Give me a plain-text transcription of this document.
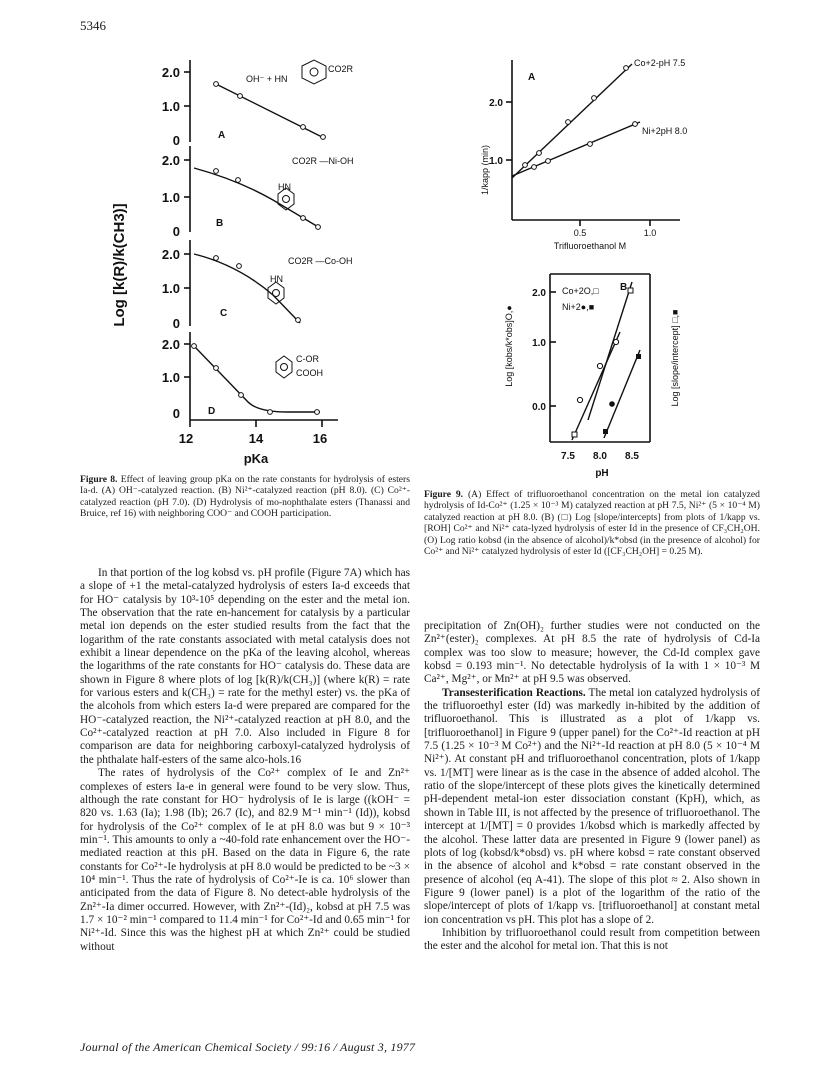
5346
Log [k(R)/k(CH3)]
2.0
1.0
0	A
OH⁻ + HN
CO2R
2.0
1.0
0
B
HN
CO2R —Ni-OH
2.0
1.0
0
C
HN
CO2R —Co-OH
2.0
1.0
0	D
C-OR
COOH
12	14	16
pKa
Figure 8. Effect of leaving group pKa on the rate constants for hydrolysis of esters Ia-d. (A) OH⁻-catalyzed reaction. (B) Ni²⁺-catalyzed reaction (pH 8.0). (C) Co²⁺-catalyzed reaction (pH 7.0). (D) Hydrolysis of mo-nophthalate esters (Thanassi and Bruice, ref 16) with neighboring COO⁻ and COOH participation.
1/kapp (min)
A
2.0
1.0
0.5	1.0
Trifluoroethanol M
Co+2-pH 7.5
Ni+2pH 8.0
Log [kobs/k*obs]O,●	Log [slope/intercept] □,■
2.0
1.0
0.0
7.5 8.0 8.5
pH
B
Co+2O,□
Ni+2●,■
Figure 9. (A) Effect of trifluoroethanol concentration on the metal ion catalyzed hydrolysis of Id-Co²⁺ (1.25 × 10⁻³ M) catalyzed reaction at pH 7.5, Ni²⁺ (5 × 10⁻⁴ M) catalyzed reaction at pH 8.0. (B) (□) Log [slope/intercepts] from plots of 1/kapp vs. [ROH] Co²⁺ and Ni²⁺ cata-lyzed hydrolysis of ester Id in the presence of CF₃CH₂OH. (O) Log ratio kobsd (in the absence of alcohol)/k*obsd (in the presence of alcohol) for Co²⁺ and Ni²⁺ catalyzed hydrolysis of ester Id ([CF₃CH₂OH] = 0.25 M).

In that portion of the log kobsd vs. pH profile (Figure 7A) which has a slope of +1 the metal-catalyzed hydrolysis of esters Ia-d exceeds that for HO⁻ catalysis by 10³-10⁵ depending on the ester and the metal ion. The observation that the rate en-hancement for catalysis by a particular metal ion depends on the ester studied results from the fact that the logarithm of the rate constants associated with metal catalysis does not exhibit a linear dependence on the pKa of the leaving alcohol, whereas the logarithms of the rate constants for HO⁻ catalysis do. These data are shown in Figure 8 where plots of log [k(R)/k(CH₃)] (where k(R) = rate for various esters and k(CH₃) = rate for the methyl ester) vs. the pKa of the alcohols from which esters Ia-d were prepared are compared for the HO⁻-catalyzed reaction, the Ni²⁺-catalyzed reaction at pH 8.0, and the Co²⁺-catalyzed reaction at pH 7.0. Also included in Figure 8 for comparison are data for neighboring carboxyl-catalyzed hydrolysis of the phthalate half-esters of the same alco-hols.16

The rates of hydrolysis of the Co²⁺ complex of Ie and Zn²⁺ complexes of esters Ia-e in general were found to be very slow. Thus, although the rate constant for HO⁻ hydrolysis of Ie is large ((kOH⁻ = 820 vs. 1.63 (Ia); 1.98 (Ib); 26.7 (Ic), and 82.9 M⁻¹ min⁻¹ (Id)), kobsd for hydrolysis of the Co²⁺ complex of Ie at pH 8.0 was but 9 × 10⁻³ min⁻¹. This amounts to only a ~40-fold rate enhancement over the HO⁻-mediated reaction at this pH. Based on the data in Figure 6, the rate constants for Co²⁺-Ie hydrolysis at pH 8.0 would be predicted to be ~3 × 10⁴ min⁻¹. Thus the rate of hydrolysis of Co²⁺-Ie is ca. 10⁶ slower than anticipated from the data of Figure 8. No detect-able hydrolysis of the Zn²⁺-Ia dimer occurred. However, with Zn²⁺-(Id)₂, kobsd at pH 7.5 was 1.7 × 10⁻² min⁻¹ compared to 11.4 min⁻¹ for Co²⁺-Id and 0.65 min⁻¹ for Ni²⁺-Id. Since this was the highest pH at which Zn²⁺ could be studied without

precipitation of Zn(OH)₂ further studies were not conducted on the Zn²⁺(ester)₂ complexes. At pH 8.5 the rate of hydrolysis of Cd-Ia complex was too slow to measure; however, the Cd-Id complex gave kobsd = 0.193 min⁻¹. No detectable hydrolysis of Ia with 1 × 10⁻³ M Ca²⁺, Mg²⁺, or Mn²⁺ at pH 9.5 was observed.

Transesterification Reactions. The metal ion catalyzed hydrolysis of the trifluoroethyl ester (Id) was markedly in-hibited by the addition of trifluoroethanol. This is illustrated as a plot of 1/kapp vs. [trifluoroethanol] in Figure 9 (upper panel) for the Co²⁺-Id reaction at pH 7.5 (1.25 × 10⁻³ M Co²⁺) and the Ni²⁺-Id reaction at pH 8.0 (5 × 10⁻⁴ M Ni²⁺). At constant pH and trifluoroethanol concentration, plots of 1/kapp vs. 1/[MT] were linear as is the case in the absence of added alcohol. The ratio of the slope/intercept of these plots gives the kinetically determined pH-dependent metal-ion ester dissociation constant (KpH), which, as shown in Table III, is not affected by the presence of trifluoroethanol. The intercept at 1/[MT] = 0 provides 1/kobsd which is markedly affected by the alcohol. These latter data are presented in Figure 9 (lower panel) as plots of log (kobsd/k*obsd) vs. pH where kobsd = rate constant observed in the absence of alcohol and k*obsd = rate constant observed in the presence of alcohol (eq A-41). The slope of this plot ≈ 2. Also shown in Figure 9 (lower panel) is a plot of the logarithm of the ratio of the slope/intercept of plots of 1/kapp vs. [trifluoroethanol] at constant metal ion concentration vs pH. This plot has a slope of 2.

Inhibition by trifluoroethanol could result from competition between the ester and the alcohol for metal ion. That this is not

Journal of the American Chemical Society / 99:16 / August 3, 1977
